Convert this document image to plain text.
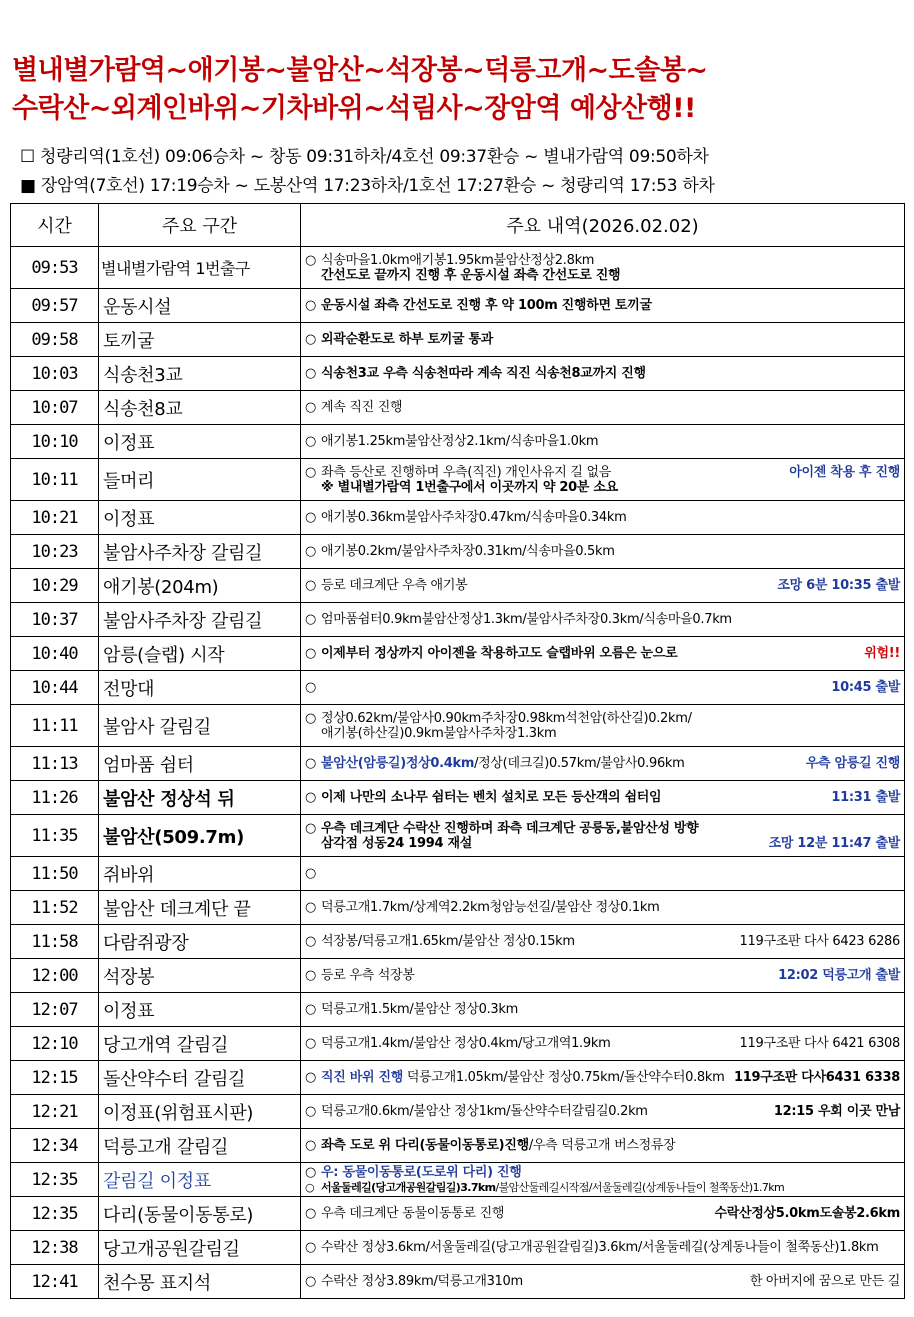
별내별가람역~애기봉~불암산~석장봉~덕릉고개~도솔봉~
수락산~외계인바위~기차바위~석림사~장암역 예상산행!!
☐ 청량리역(1호선) 09:06승차 ~ 창동 09:31하차/4호선 09:37환승 ~ 별내가람역 09:50하차
■ 장암역(7호선) 17:19승차 ~ 도봉산역 17:23하차/1호선 17:27환승 ~ 청량리역 17:53 하차
시간	주요 구간	주요 내역(2026.02.02)
09:53	별내별가람역 1번출구	○ 식송마을1.0km애기봉1.95km불암산정상2.8km
간선도로 끝까지 진행 후 운동시설 좌측 간선도로 진행

09:57	운동시설	○ 운동시설 좌측 간선도로 진행 후 약 100m 진행하면 토끼굴
09:58	토끼굴	○ 외곽순환도로 하부 토끼굴 통과
10:03	식송천3교	○ 식송천3교 우측 식송천따라 계속 직진 식송천8교까지 진행
10:07	식송천8교	○ 계속 직진 진행
10:10	이정표	○ 애기봉1.25km불암산정상2.1km/식송마을1.0km
10:11	들머리	○ 좌측 등산로 진행하며 우측(직진) 개인사유지 길 없음 아이젠 착용 후 진행
※ 별내별가람역 1번출구에서 이곳까지 약 20분 소요

10:21	이정표	○ 애기봉0.36km불암사주차장0.47km/식송마을0.34km
10:23	불암사주차장 갈림길	○ 애기봉0.2km/불암사주차장0.31km/식송마을0.5km
10:29	애기봉(204m)	○ 등로 데크계단 우측 애기봉 조망 6분 10:35 출발

10:37	불암사주차장 갈림길	○ 엄마품쉼터0.9km불암산정상1.3km/불암사주차장0.3km/식송마을0.7km
10:40	암릉(슬랩) 시작	○ 이제부터 정상까지 아이젠을 착용하고도 슬랩바위 오름은 눈으로 위험!!

10:44	전망대	○ 10:45 출발

11:11	불암사 갈림길	○ 정상0.62km/불암사0.90km주차장0.98km석천암(하산길)0.2km/
애기봉(하산길)0.9km불암사주차장1.3km

11:13	엄마품 쉼터	○ 불암산(암릉길)정상0.4km/정상(데크길)0.57km/불암사0.96km 우측 암릉길 진행

11:26	불암산 정상석 뒤	○ 이제 나만의 소나무 쉼터는 벤치 설치로 모든 등산객의 쉼터임 11:31 출발

11:35	불암산(509.7m)	○ 우측 데크계단 수락산 진행하며 좌측 데크계단 공릉동,불암산성 방향
삼각점 성동24 1994 재설 조망 12분 11:47 출발

11:50	쥐바위	○
11:52	불암산 데크계단 끝	○ 덕릉고개1.7km/상계역2.2km청암능선길/불암산 정상0.1km
11:58	다람쥐광장	○ 석장봉/덕릉고개1.65km/불암산 정상0.15km 119구조판 다사 6423 6286

12:00	석장봉	○ 등로 우측 석장봉 12:02 덕릉고개 출발

12:07	이정표	○ 덕릉고개1.5km/불암산 정상0.3km
12:10	당고개역 갈림길	○ 덕릉고개1.4km/불암산 정상0.4km/당고개역1.9km 119구조판 다사 6421 6308

12:15	돌산약수터 갈림길	○ 직진 바위 진행 덕릉고개1.05km/불암산 정상0.75km/돌산약수터0.8km 119구조판 다사6431 6338

12:21	이정표(위험표시판)	○ 덕릉고개0.6km/불암산 정상1km/돌산약수터갈림길0.2km 12:15 우회 이곳 만남

12:34	덕릉고개 갈림길	○ 좌측 도로 위 다리(동물이동통로)진행/우측 덕릉고개 버스정류장
12:35	갈림길 이정표	○ 우: 동물이동통로(도로위 다리) 진행
○ 서울둘레길(당고개공원갈림길)3.7km/불암산둘레길시작점/서울둘레길(상계동나들이 철쭉동산)1.7km

12:35	다리(동물이동통로)	○ 우측 데크계단 동물이동통로 진행 수락산정상5.0km도솔봉2.6km

12:38	당고개공원갈림길	○ 수락산 정상3.6km/서울둘레길(당고개공원갈림길)3.6km/서울둘레길(상계동나들이 철쭉동산)1.8km
12:41	천수몽 표지석	○ 수락산 정상3.89km/덕릉고개310m 한 아버지에 꿈으로 만든 길
